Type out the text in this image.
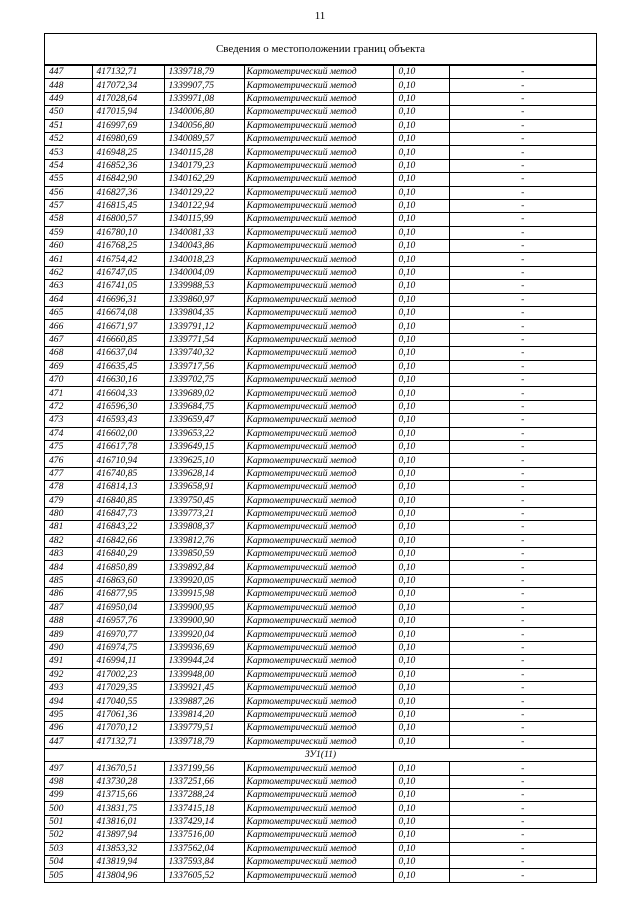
11
Сведения о местоположении границ объекта
447	417132,71	1339718,79	Картометрический метод	0,10	-
448	417072,34	1339907,75	Картометрический метод	0,10	-
449	417028,64	1339971,08	Картометрический метод	0,10	-
450	417015,94	1340006,80	Картометрический метод	0,10	-
451	416997,69	1340056,80	Картометрический метод	0,10	-
452	416980,69	1340089,57	Картометрический метод	0,10	-
453	416948,25	1340115,28	Картометрический метод	0,10	-
454	416852,36	1340179,23	Картометрический метод	0,10	-
455	416842,90	1340162,29	Картометрический метод	0,10	-
456	416827,36	1340129,22	Картометрический метод	0,10	-
457	416815,45	1340122,94	Картометрический метод	0,10	-
458	416800,57	1340115,99	Картометрический метод	0,10	-
459	416780,10	1340081,33	Картометрический метод	0,10	-
460	416768,25	1340043,86	Картометрический метод	0,10	-
461	416754,42	1340018,23	Картометрический метод	0,10	-
462	416747,05	1340004,09	Картометрический метод	0,10	-
463	416741,05	1339988,53	Картометрический метод	0,10	-
464	416696,31	1339860,97	Картометрический метод	0,10	-
465	416674,08	1339804,35	Картометрический метод	0,10	-
466	416671,97	1339791,12	Картометрический метод	0,10	-
467	416660,85	1339771,54	Картометрический метод	0,10	-
468	416637,04	1339740,32	Картометрический метод	0,10	-
469	416635,45	1339717,56	Картометрический метод	0,10	-
470	416630,16	1339702,75	Картометрический метод	0,10	-
471	416604,33	1339689,02	Картометрический метод	0,10	-
472	416596,30	1339684,75	Картометрический метод	0,10	-
473	416593,43	1339659,47	Картометрический метод	0,10	-
474	416602,00	1339653,22	Картометрический метод	0,10	-
475	416617,78	1339649,15	Картометрический метод	0,10	-
476	416710,94	1339625,10	Картометрический метод	0,10	-
477	416740,85	1339628,14	Картометрический метод	0,10	-
478	416814,13	1339658,91	Картометрический метод	0,10	-
479	416840,85	1339750,45	Картометрический метод	0,10	-
480	416847,73	1339773,21	Картометрический метод	0,10	-
481	416843,22	1339808,37	Картометрический метод	0,10	-
482	416842,66	1339812,76	Картометрический метод	0,10	-
483	416840,29	1339850,59	Картометрический метод	0,10	-
484	416850,89	1339892,84	Картометрический метод	0,10	-
485	416863,60	1339920,05	Картометрический метод	0,10	-
486	416877,95	1339915,98	Картометрический метод	0,10	-
487	416950,04	1339900,95	Картометрический метод	0,10	-
488	416957,76	1339900,90	Картометрический метод	0,10	-
489	416970,77	1339920,04	Картометрический метод	0,10	-
490	416974,75	1339936,69	Картометрический метод	0,10	-
491	416994,11	1339944,24	Картометрический метод	0,10	-
492	417002,23	1339948,00	Картометрический метод	0,10	-
493	417029,35	1339921,45	Картометрический метод	0,10	-
494	417040,55	1339887,26	Картометрический метод	0,10	-
495	417061,36	1339814,20	Картометрический метод	0,10	-
496	417070,12	1339779,51	Картометрический метод	0,10	-
447	417132,71	1339718,79	Картометрический метод	0,10	-
ЗУ1(11)					
497	413670,51	1337199,56	Картометрический метод	0,10	-
498	413730,28	1337251,66	Картометрический метод	0,10	-
499	413715,66	1337288,24	Картометрический метод	0,10	-
500	413831,75	1337415,18	Картометрический метод	0,10	-
501	413816,01	1337429,14	Картометрический метод	0,10	-
502	413897,94	1337516,00	Картометрический метод	0,10	-
503	413853,32	1337562,04	Картометрический метод	0,10	-
504	413819,94	1337593,84	Картометрический метод	0,10	-
505	413804,96	1337605,52	Картометрический метод	0,10	-
